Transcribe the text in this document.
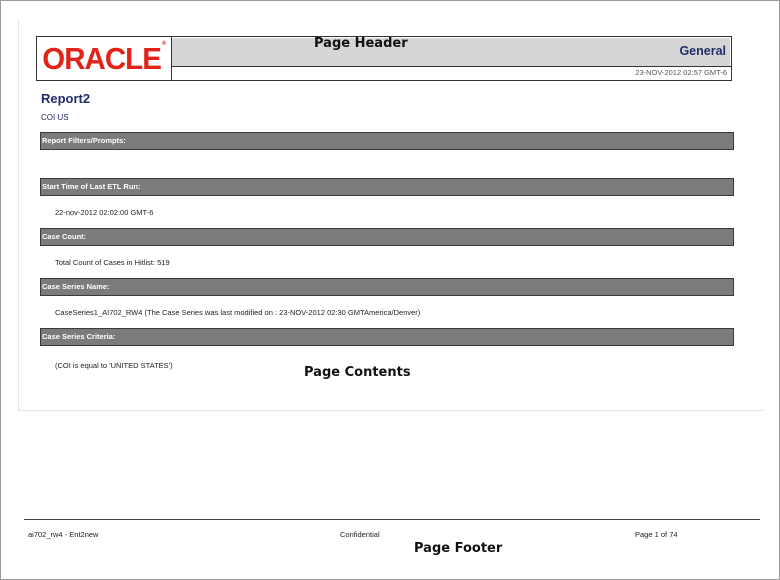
ORACLE®
General
23-NOV-2012 02:57 GMT-6
Page Header
Report2
COI US
Report Filters/Prompts:
Start Time of Last ETL Run:
22-nov-2012 02:02:00 GMT-6
Case Count:
Total Count of Cases in Hitlist: 519
Case Series Name:
CaseSeries1_AI702_RW4 (The Case Series was last modified on : 23-NOV-2012 02:30 GMTAmerica/Denver)
Case Series Criteria:
(COI is equal to 'UNITED STATES')	Page Contents
ai702_rw4 - Ent2new	Confidential	Page 1 of 74
Page Footer
